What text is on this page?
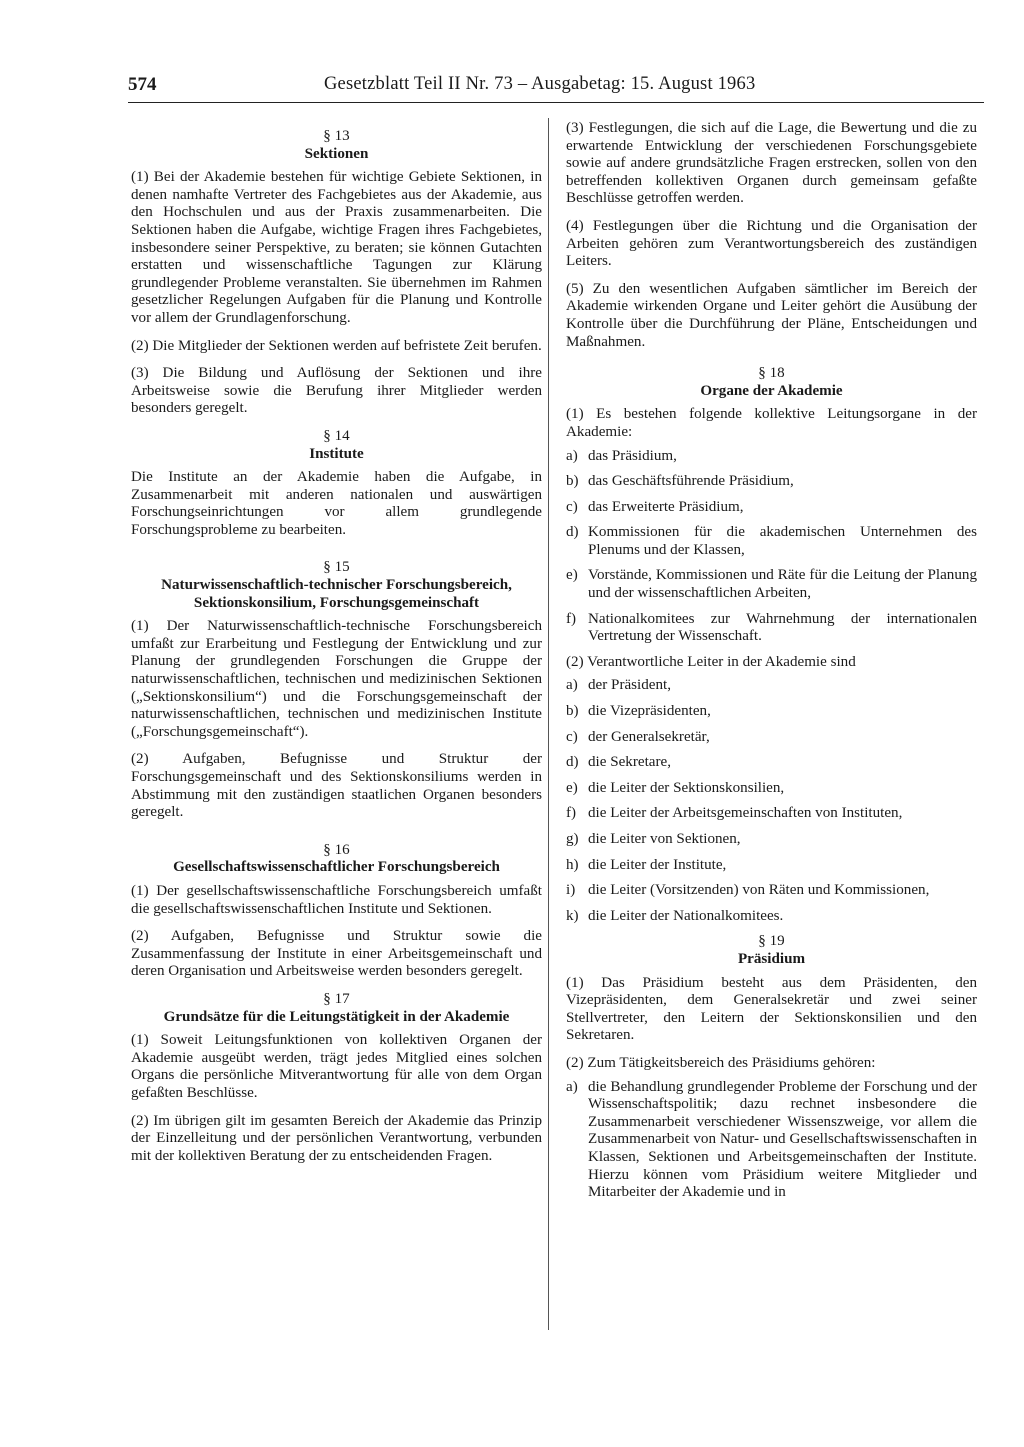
574	Gesetzblatt Teil II Nr. 73 – Ausgabetag: 15. August 1963

§ 13

Sektionen

(1) Bei der Akademie bestehen für wichtige Gebiete Sektionen, in denen namhafte Vertreter des Fachgebietes aus der Akademie, aus den Hochschulen und aus der Praxis zusammenarbeiten. Die Sektionen haben die Aufgabe, wichtige Fragen ihres Fachgebietes, insbesondere seiner Perspektive, zu beraten; sie können Gutachten erstatten und wissenschaftliche Tagungen zur Klärung grundlegender Probleme veranstalten. Sie übernehmen im Rahmen gesetzlicher Regelungen Aufgaben für die Planung und Kontrolle vor allem der Grundlagenforschung.

(2) Die Mitglieder der Sektionen werden auf befristete Zeit berufen.

(3) Die Bildung und Auflösung der Sektionen und ihre Arbeitsweise sowie die Berufung ihrer Mitglieder werden besonders geregelt.

§ 14

Institute

Die Institute an der Akademie haben die Aufgabe, in Zusammenarbeit mit anderen nationalen und auswärtigen Forschungseinrichtungen vor allem grundlegende Forschungsprobleme zu bearbeiten.

§ 15

Naturwissenschaftlich-technischer Forschungsbereich,

Sektionskonsilium, Forschungsgemeinschaft

(1) Der Naturwissenschaftlich-technische Forschungsbereich umfaßt zur Erarbeitung und Festlegung der Entwicklung und zur Planung der grundlegenden Forschungen die Gruppe der naturwissenschaftlichen, technischen und medizinischen Sektionen („Sektionskonsilium“) und die Forschungsgemeinschaft der naturwissenschaftlichen, technischen und medizinischen Institute („Forschungsgemeinschaft“).

(2) Aufgaben, Befugnisse und Struktur der Forschungsgemeinschaft und des Sektionskonsiliums werden in Abstimmung mit den zuständigen staatlichen Organen besonders geregelt.

§ 16

Gesellschaftswissenschaftlicher Forschungsbereich

(1) Der gesellschaftswissenschaftliche Forschungsbereich umfaßt die gesellschaftswissenschaftlichen Institute und Sektionen.

(2) Aufgaben, Befugnisse und Struktur sowie die Zusammenfassung der Institute in einer Arbeitsgemeinschaft und deren Organisation und Arbeitsweise werden besonders geregelt.

§ 17

Grundsätze für die Leitungstätigkeit in der Akademie

(1) Soweit Leitungsfunktionen von kollektiven Organen der Akademie ausgeübt werden, trägt jedes Mitglied eines solchen Organs die persönliche Mitverantwortung für alle von dem Organ gefaßten Beschlüsse.

(2) Im übrigen gilt im gesamten Bereich der Akademie das Prinzip der Einzelleitung und der persönlichen Verantwortung, verbunden mit der kollektiven Beratung der zu entscheidenden Fragen.

(3) Festlegungen, die sich auf die Lage, die Bewertung und die zu erwartende Entwicklung der verschiedenen Forschungsgebiete sowie auf andere grundsätzliche Fragen erstrecken, sollen von den betreffenden kollektiven Organen durch gemeinsam gefaßte Beschlüsse getroffen werden.

(4) Festlegungen über die Richtung und die Organisation der Arbeiten gehören zum Verantwortungsbereich des zuständigen Leiters.

(5) Zu den wesentlichen Aufgaben sämtlicher im Bereich der Akademie wirkenden Organe und Leiter gehört die Ausübung der Kontrolle über die Durchführung der Pläne, Entscheidungen und Maßnahmen.

§ 18

Organe der Akademie

(1) Es bestehen folgende kollektive Leitungsorgane in der Akademie:

a) das Präsidium,
b) das Geschäftsführende Präsidium,
c) das Erweiterte Präsidium,
d) Kommissionen für die akademischen Unternehmen des Plenums und der Klassen,
e) Vorstände, Kommissionen und Räte für die Leitung der Planung und der wissenschaftlichen Arbeiten,
f) Nationalkomitees zur Wahrnehmung der internationalen Vertretung der Wissenschaft.

(2) Verantwortliche Leiter in der Akademie sind

a) der Präsident,
b) die Vizepräsidenten,
c) der Generalsekretär,
d) die Sekretare,
e) die Leiter der Sektionskonsilien,
f) die Leiter der Arbeitsgemeinschaften von Instituten,
g) die Leiter von Sektionen,
h) die Leiter der Institute,
i) die Leiter (Vorsitzenden) von Räten und Kommissionen,
k) die Leiter der Nationalkomitees.

§ 19

Präsidium

(1) Das Präsidium besteht aus dem Präsidenten, den Vizepräsidenten, dem Generalsekretär und zwei seiner Stellvertreter, den Leitern der Sektionskonsilien und den Sekretaren.

(2) Zum Tätigkeitsbereich des Präsidiums gehören:

a) die Behandlung grundlegender Probleme der Forschung und der Wissenschaftspolitik; dazu rechnet insbesondere die Zusammenarbeit verschiedener Wissenszweige, vor allem die Zusammenarbeit von Natur- und Gesellschaftswissenschaften in Klassen, Sektionen und Arbeitsgemeinschaften der Institute. Hierzu können vom Präsidium weitere Mitglieder und Mitarbeiter der Akademie und in
